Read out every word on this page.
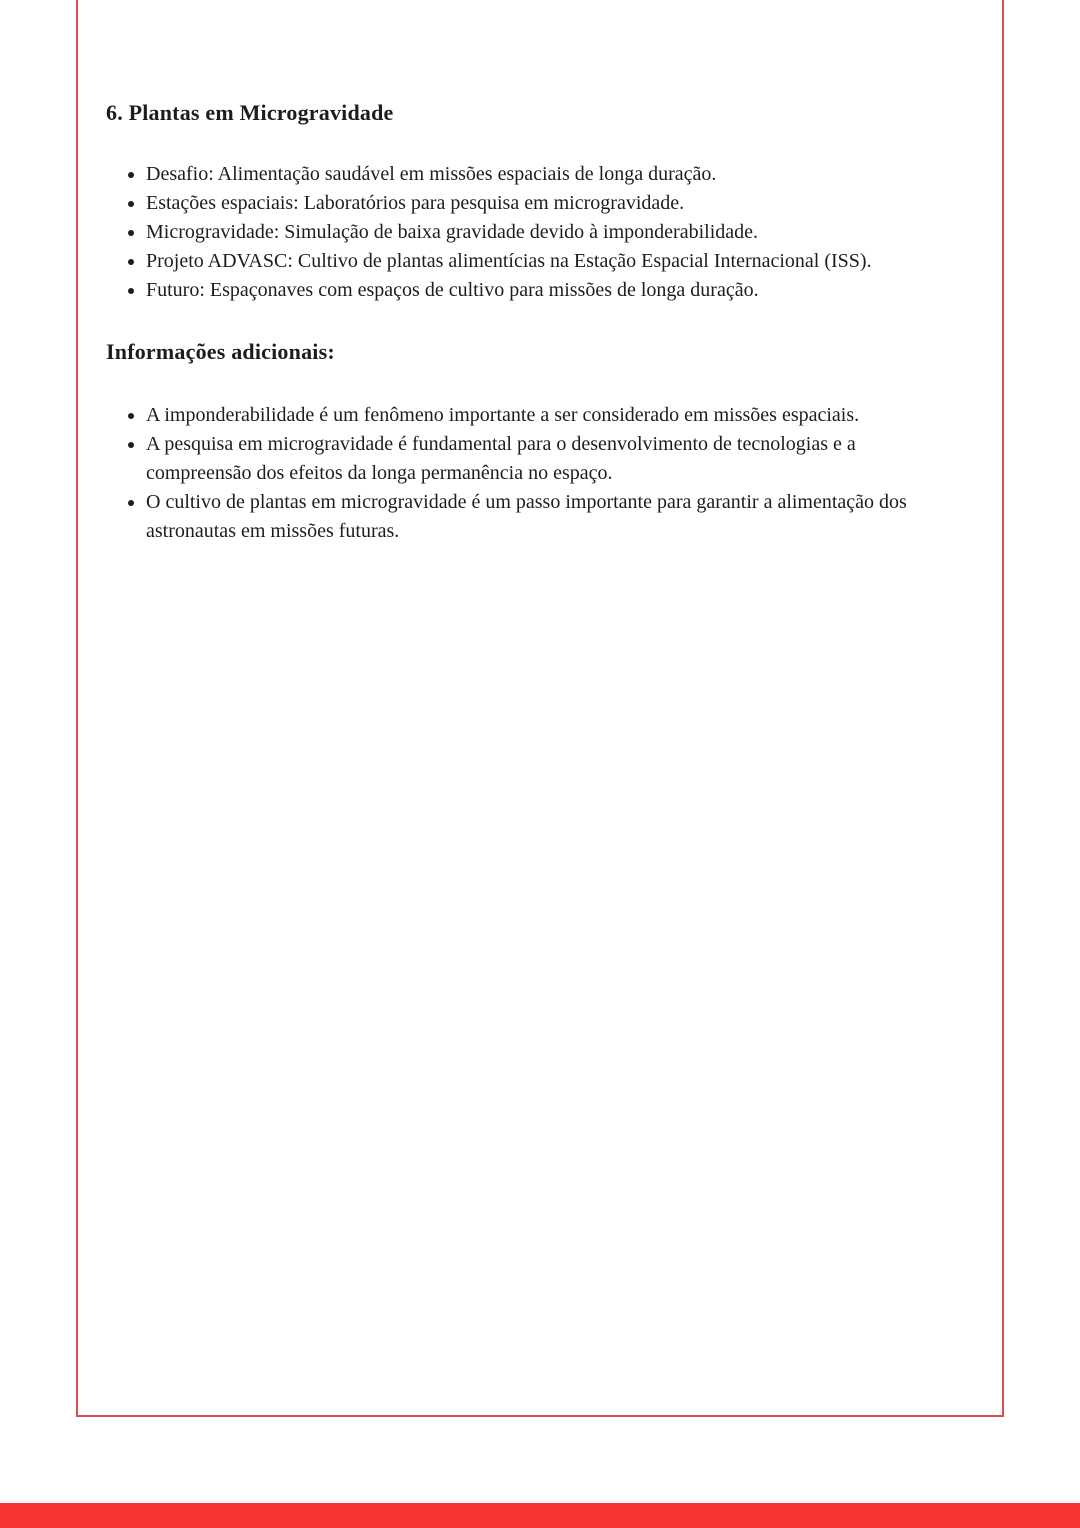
6. Plantas em Microgravidade
• Desafio: Alimentação saudável em missões espaciais de longa duração.
• Estações espaciais: Laboratórios para pesquisa em microgravidade.
• Microgravidade: Simulação de baixa gravidade devido à imponderabilidade.
• Projeto ADVASC: Cultivo de plantas alimentícias na Estação Espacial Internacional (ISS).
• Futuro: Espaçonaves com espaços de cultivo para missões de longa duração.
Informações adicionais:
• A imponderabilidade é um fenômeno importante a ser considerado em missões espaciais.
• A pesquisa em microgravidade é fundamental para o desenvolvimento de tecnologias e a compreensão dos efeitos da longa permanência no espaço.
• O cultivo de plantas em microgravidade é um passo importante para garantir a alimentação dos astronautas em missões futuras.
